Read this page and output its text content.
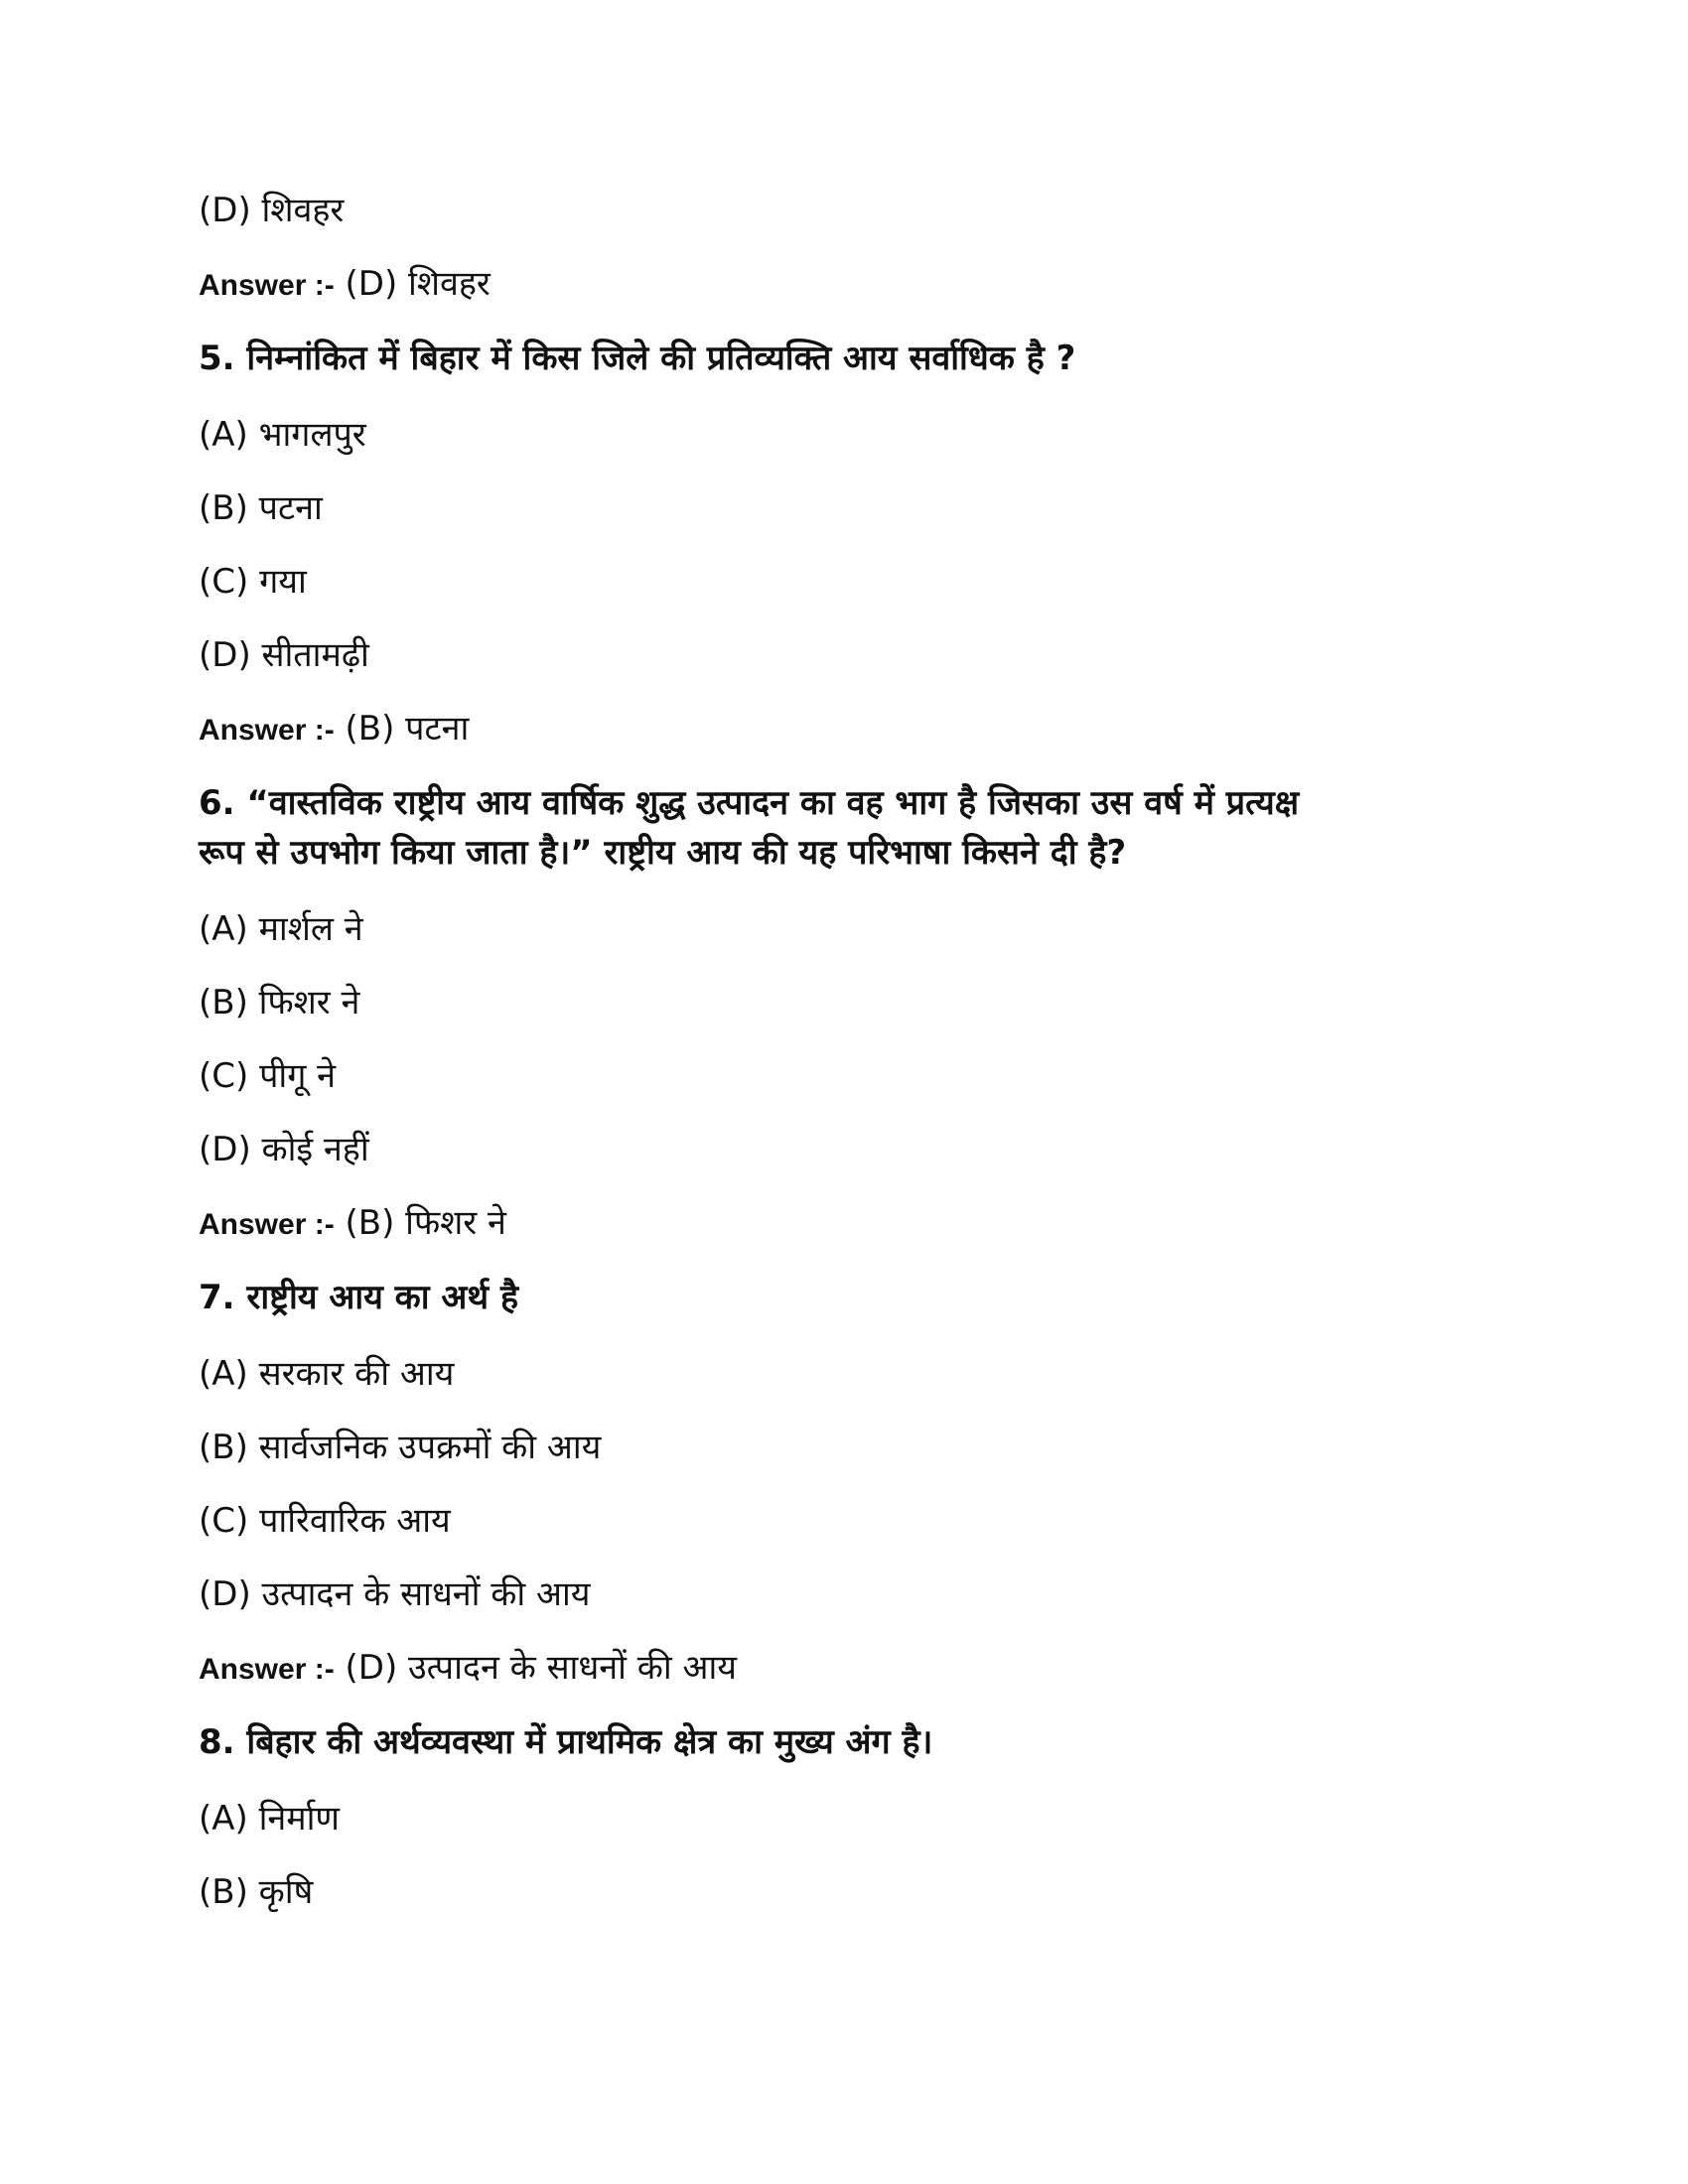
(D) शिवहर
Answer :- (D) शिवहर
5. निम्नांकित में बिहार में किस जिले की प्रतिव्यक्ति आय सर्वाधिक है ?
(A) भागलपुर
(B) पटना
(C) गया
(D) सीतामढ़ी
Answer :- (B) पटना
6. “वास्तविक राष्ट्रीय आय वार्षिक शुद्ध उत्पादन का वह भाग है जिसका उस वर्ष में प्रत्यक्ष
रूप से उपभोग किया जाता है।” राष्ट्रीय आय की यह परिभाषा किसने दी है?
(A) मार्शल ने
(B) फिशर ने
(C) पीगू ने
(D) कोई नहीं
Answer :- (B) फिशर ने
7. राष्ट्रीय आय का अर्थ है
(A) सरकार की आय
(B) सार्वजनिक उपक्रमों की आय
(C) पारिवारिक आय
(D) उत्पादन के साधनों की आय
Answer :- (D) उत्पादन के साधनों की आय
8. बिहार की अर्थव्यवस्था में प्राथमिक क्षेत्र का मुख्य अंग है।
(A) निर्माण
(B) कृषि
